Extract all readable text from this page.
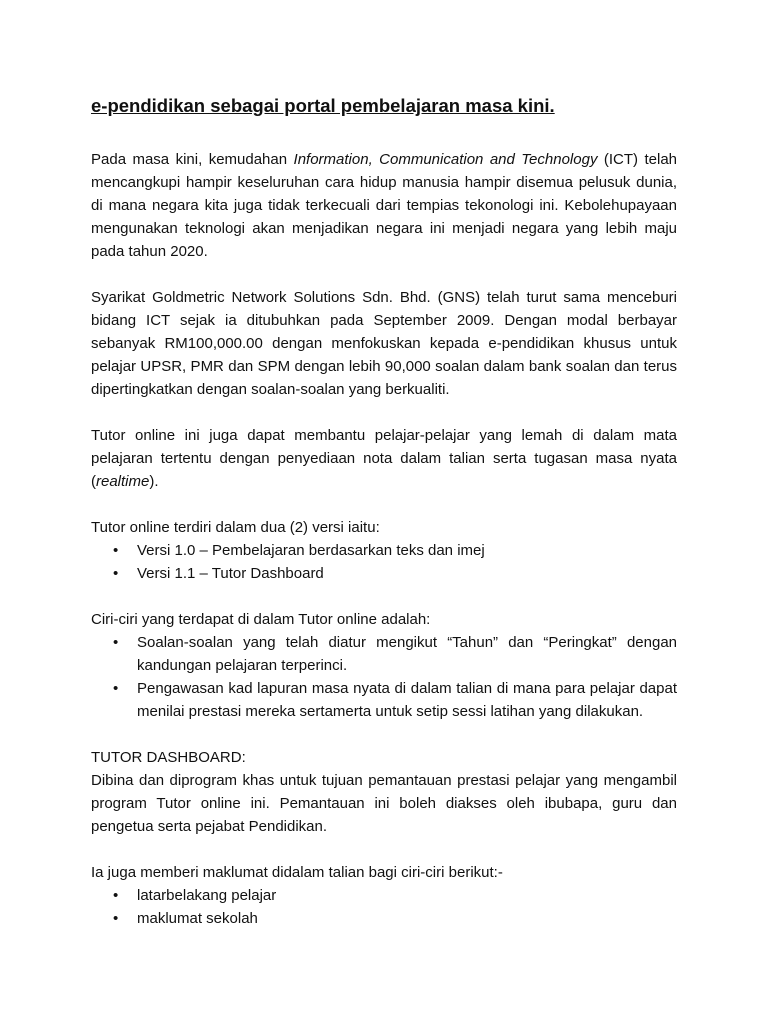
e-pendidikan sebagai portal pembelajaran masa kini.

Pada masa kini, kemudahan Information, Communication and Technology (ICT) telah mencangkupi hampir keseluruhan cara hidup manusia hampir disemua pelusuk dunia, di mana negara kita juga tidak terkecuali dari tempias tekonologi ini. Kebolehupayaan mengunakan teknologi akan menjadikan negara ini menjadi negara yang lebih maju pada tahun 2020.

Syarikat Goldmetric Network Solutions Sdn. Bhd. (GNS) telah turut sama menceburi bidang ICT sejak ia ditubuhkan pada September 2009. Dengan modal berbayar sebanyak RM100,000.00 dengan menfokuskan kepada e-pendidikan khusus untuk pelajar UPSR, PMR dan SPM dengan lebih 90,000 soalan dalam bank soalan dan terus dipertingkatkan dengan soalan-soalan yang berkualiti.

Tutor online ini juga dapat membantu pelajar-pelajar yang lemah di dalam mata pelajaran tertentu dengan penyediaan nota dalam talian serta tugasan masa nyata (realtime).

Tutor online terdiri dalam dua (2) versi iaitu:

• Versi 1.0 – Pembelajaran berdasarkan teks dan imej
• Versi 1.1 – Tutor Dashboard

Ciri-ciri yang terdapat di dalam Tutor online adalah:

• Soalan-soalan yang telah diatur mengikut “Tahun” dan “Peringkat” dengan kandungan pelajaran terperinci.
• Pengawasan kad lapuran masa nyata di dalam talian di mana para pelajar dapat menilai prestasi mereka sertamerta untuk setip sessi latihan yang dilakukan.

TUTOR DASHBOARD:

Dibina dan diprogram khas untuk tujuan pemantauan prestasi pelajar yang mengambil program Tutor online ini. Pemantauan ini boleh diakses oleh ibubapa, guru dan pengetua serta pejabat Pendidikan.

Ia juga memberi maklumat didalam talian bagi ciri-ciri berikut:-

• latarbelakang pelajar
• maklumat sekolah
